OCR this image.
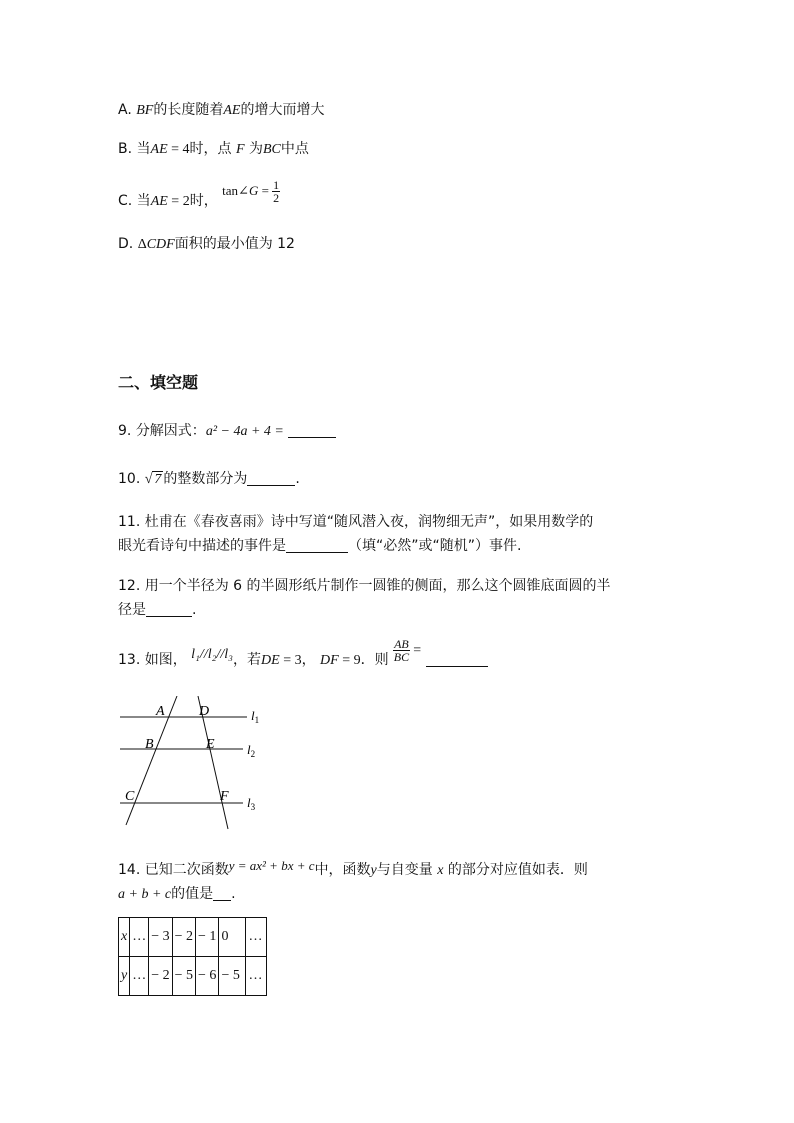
A. BF的长度随着AE的增大而增大
B. 当AE = 4时，点 F 为BC中点
C. 当AE = 2时， tan∠G = $\frac{1}{2}$
D. ΔCDF面积的最小值为 12
二、填空题
9. 分解因式：a² − 4a + 4 =
10. √ 7 的整数部分为	.
11. 杜甫在《春夜喜雨》诗中写道“随风潜入夜，润物细无声”，如果用数学的
眼光看诗句中描述的事件是	（填“必然”或“随机”）事件.
12. 用一个半径为 6 的半圆形纸片制作一圆锥的侧面，那么这个圆锥底面圆的半
径是	.
13. 如图， l₁//l₂//l₃，若DE = 3， DF = 9．则 $\frac{AB}{BC}$ =
A D
B	E
C	F
$l_1$
$l_2$
$l_3$
14. 已知二次函数y = ax² + bx + c中，函数y与自变量 x 的部分对应值如表．则
a + b + c的值是 .
x	…	− 3	− 2	− 1	0	…
y	…	− 2	− 5	− 6	− 5	…
